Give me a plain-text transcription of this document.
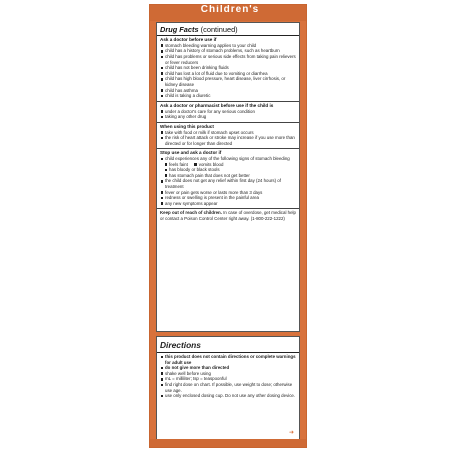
Children's
Drug Facts (continued)
Ask a doctor before use if
stomach bleeding warning applies to your child
child has a history of stomach problems, such as heartburn
child has problems or serious side effects from taking pain relievers or fever reducers
child has not been drinking fluids
child has lost a lot of fluid due to vomiting or diarrhea
child has high blood pressure, heart disease, liver cirrhosis, or kidney disease
child has asthma
child is taking a diuretic
Ask a doctor or pharmacist before use if the child is
under a doctor's care for any serious condition
taking any other drug
When using this product
take with food or milk if stomach upset occurs
the risk of heart attack or stroke may increase if you use more than directed or for longer than directed
Stop use and ask a doctor if
child experiences any of the following signs of stomach bleeding
feels faint	vomits blood
has bloody or black stools
has stomach pain that does not get better
the child does not get any relief within first day (24 hours) of treatment
fever or pain gets worse or lasts more than 3 days
redness or swelling is present in the painful area
any new symptoms appear
Keep out of reach of children. In case of overdose, get medical help or contact a Poison Control Center right away. (1-800-222-1222)
Directions
this product does not contain directions or complete warnings for adult use
do not give more than directed
shake well before using
mL = milliliter; tsp = teaspoonful
find right dose on chart. If possible, use weight to dose; otherwise use age.
use only enclosed dosing cup. Do not use any other dosing device.
➜
